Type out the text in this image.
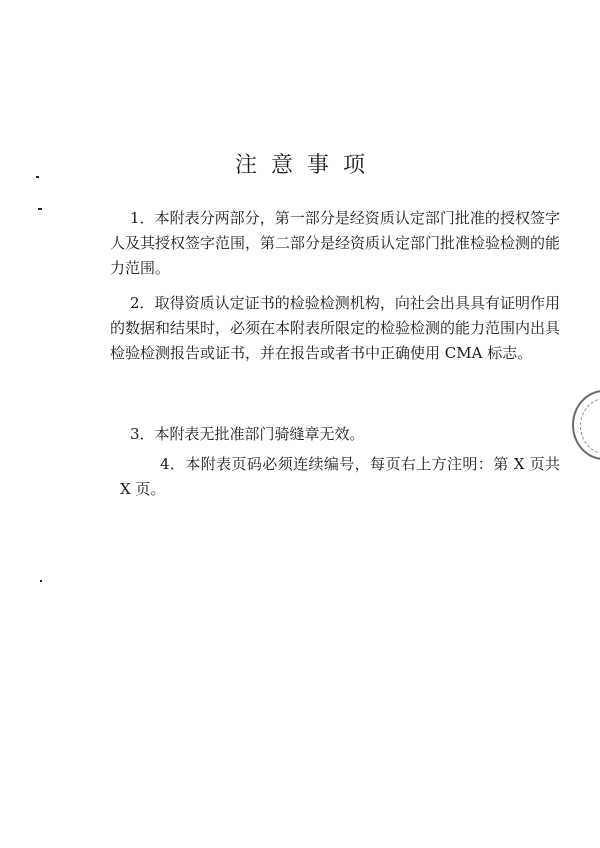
注意事项
1．本附表分两部分，第一部分是经资质认定部门批准的授权签字人及其授权签字范围，第二部分是经资质认定部门批准检验检测的能力范围。
2．取得资质认定证书的检验检测机构，向社会出具具有证明作用的数据和结果时，必须在本附表所限定的检验检测的能力范围内出具检验检测报告或证书，并在报告或者书中正确使用 CMA 标志。
3．本附表无批准部门骑缝章无效。
4．本附表页码必须连续编号，每页右上方注明：第 X 页共 X 页。
